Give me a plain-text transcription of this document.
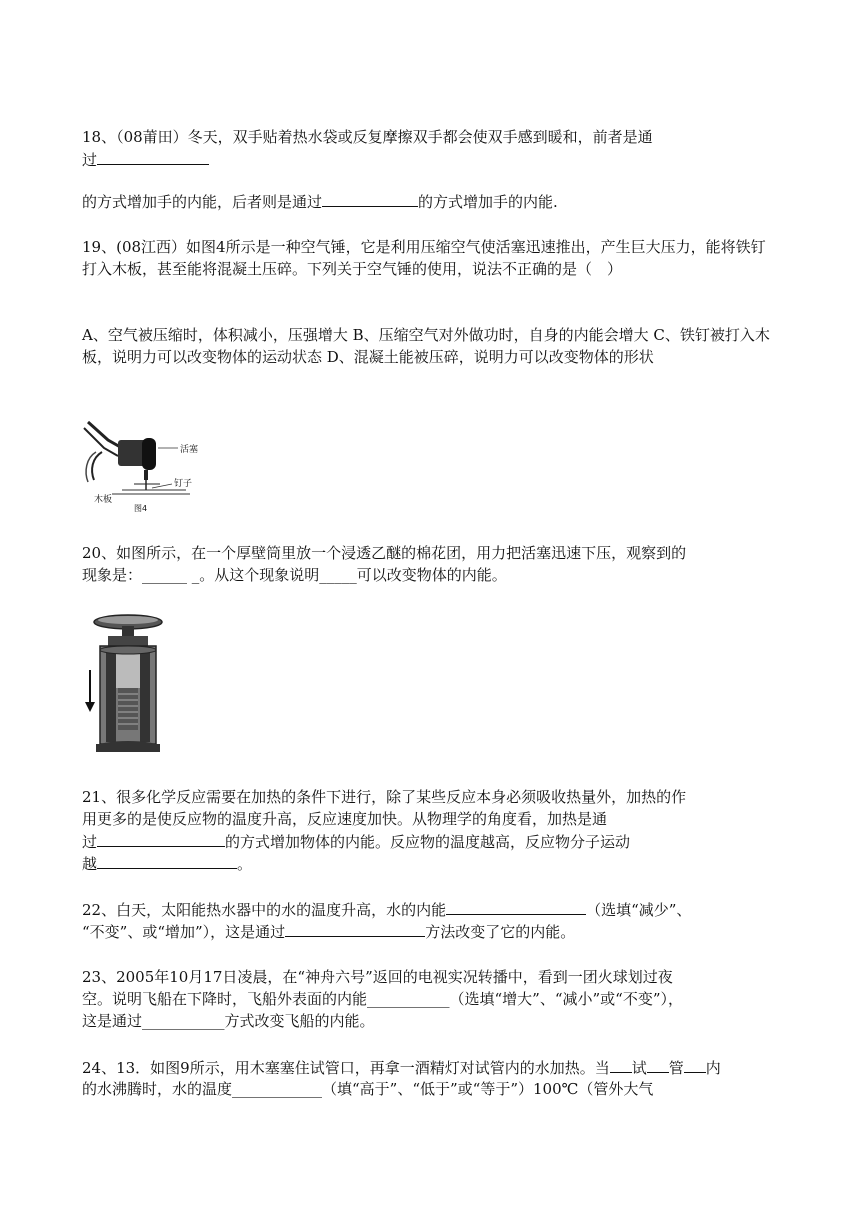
18、（08莆田）冬天，双手贴着热水袋或反复摩擦双手都会使双手感到暖和，前者是通

过

的方式增加手的内能，后者则是通过	的方式增加手的内能.

19、(08江西）如图4所示是一种空气锤，它是利用压缩空气使活塞迅速推出，产生巨大压力，能将铁钉打入木板，甚至能将混凝土压碎。下列关于空气锤的使用，说法不正确的是（　）

A、空气被压缩时，体积减小，压强增大 B、压缩空气对外做功时，自身的内能会增大 C、铁钉被打入木板，说明力可以改变物体的运动状态 D、混凝土能被压碎，说明力可以改变物体的形状

活塞
钉子
木板
图4

20、如图所示，在一个厚壁筒里放一个浸透乙醚的棉花团，用力把活塞迅速下压，观察到的

现象是：______ _。从这个现象说明_____可以改变物体的内能。

21、很多化学反应需要在加热的条件下进行，除了某些反应本身必须吸收热量外，加热的作

用更多的是使反应物的温度升高，反应速度加快。从物理学的角度看，加热是通

过	的方式增加物体的内能。反应物的温度越高，反应物分子运动

越	。

22、白天，太阳能热水器中的水的温度升高，水的内能	（选填“减少”、

“不变”、或“增加”），这是通过	方法改变了它的内能。

23、2005年10月17日凌晨，在“神舟六号”返回的电视实况转播中，看到一团火球划过夜

空。说明飞船在下降时，飞船外表面的内能___________（选填“增大”、“减小”或“不变”），

这是通过___________方式改变飞船的内能。

24、13．如图9所示，用木塞塞住试管口，再拿一酒精灯对试管内的水加热。当 试 管 内

的水沸腾时，水的温度____________（填“高于”、“低于”或“等于”）100℃（管外大气
